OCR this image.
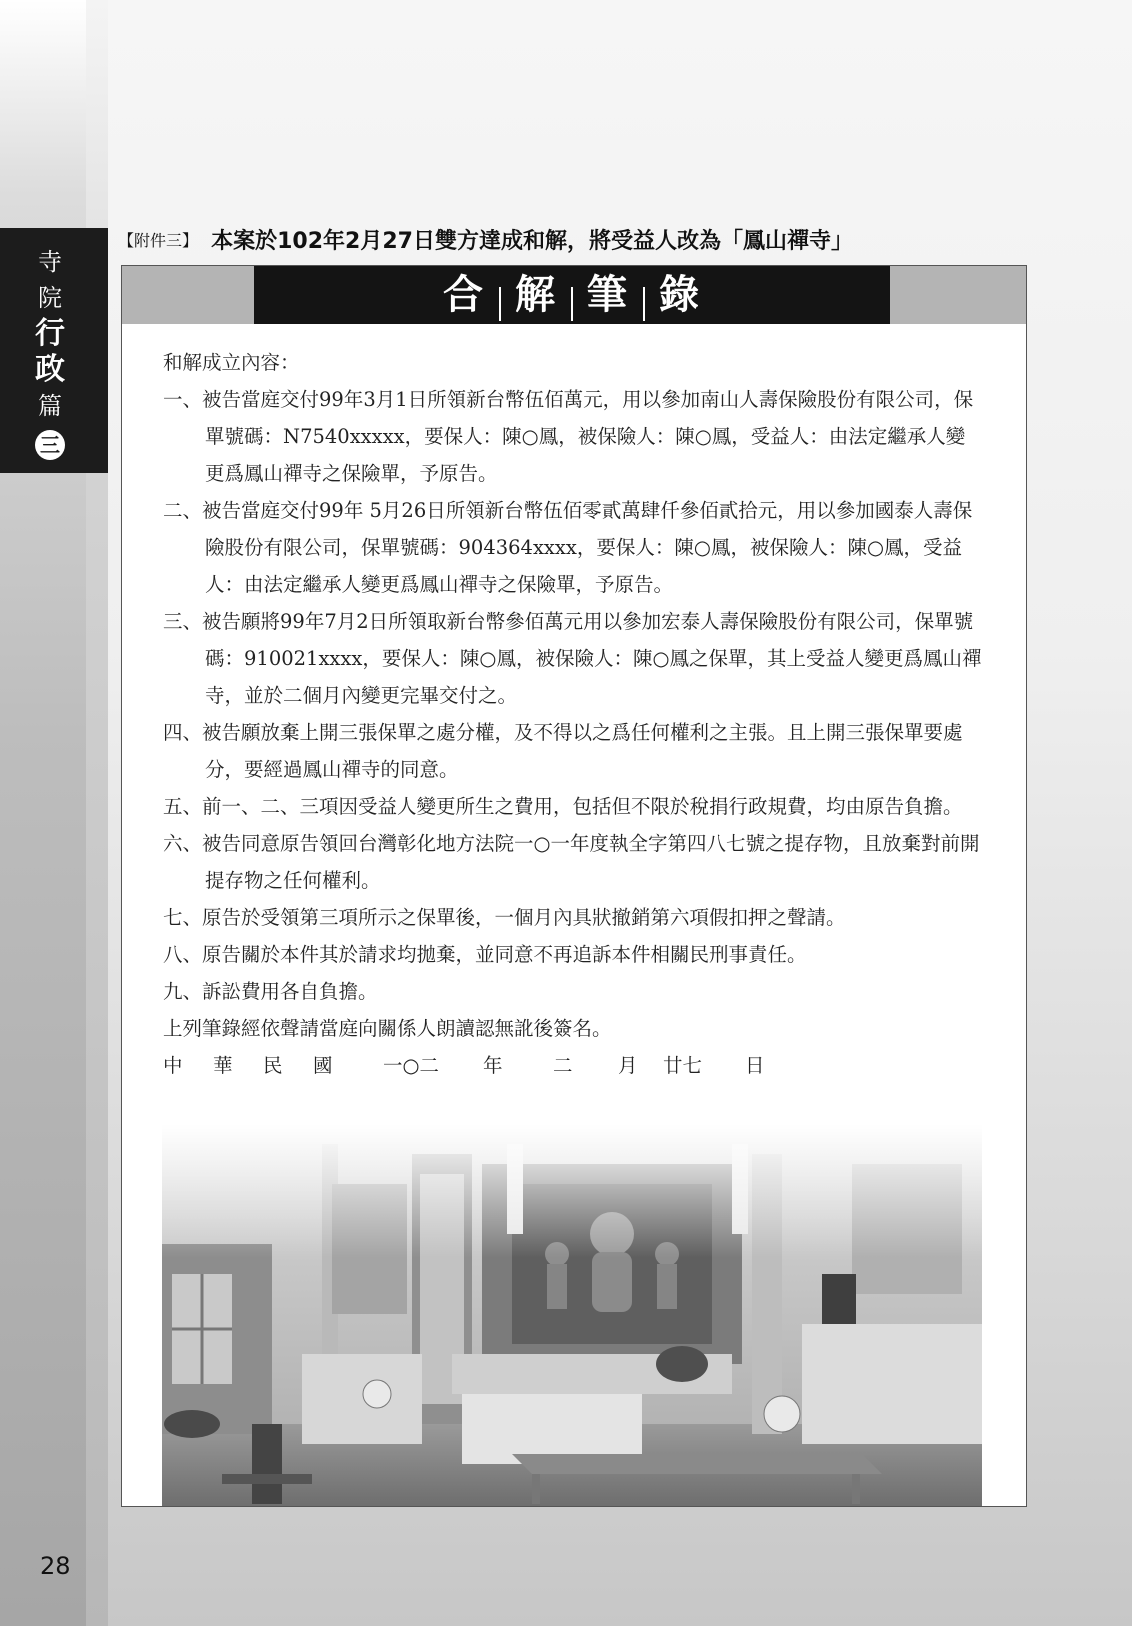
寺
院
行
政
篇
三
28
【附件三】 本案於102年2月27日雙方達成和解，將受益人改為「鳳山禪寺」
合 解 筆 錄

和解成立內容：

一、被告當庭交付99年3月1日所領新台幣伍佰萬元，用以參加南山人壽保險股份有限公司，保單號碼：N7540xxxxx，要保人：陳○鳳，被保險人：陳○鳳，受益人：由法定繼承人變更爲鳳山禪寺之保險單，予原告。

二、被告當庭交付99年 5月26日所領新台幣伍佰零貳萬肆仟參佰貳拾元，用以參加國泰人壽保險股份有限公司，保單號碼：904364xxxx，要保人：陳○鳳，被保險人：陳○鳳，受益人：由法定繼承人變更爲鳳山禪寺之保險單，予原告。

三、被告願將99年7月2日所領取新台幣參佰萬元用以參加宏泰人壽保險股份有限公司，保單號碼：910021xxxx，要保人：陳○鳳，被保險人：陳○鳳之保單，其上受益人變更爲鳳山禪寺，並於二個月內變更完畢交付之。

四、被告願放棄上開三張保單之處分權，及不得以之爲任何權利之主張。且上開三張保單要處分，要經過鳳山禪寺的同意。

五、前一、二、三項因受益人變更所生之費用，包括但不限於稅捐行政規費，均由原告負擔。

六、被告同意原告領回台灣彰化地方法院一○一年度執全字第四八七號之提存物，且放棄對前開提存物之任何權利。

七、原告於受領第三項所示之保單後，一個月內具狀撤銷第六項假扣押之聲請。

八、原告關於本件其於請求均拋棄，並同意不再追訴本件相關民刑事責任。

九、訴訟費用各自負擔。

上列筆錄經依聲請當庭向關係人朗讀認無訛後簽名。

中 華 民 國	一○二 年	二 月 廿七 日
